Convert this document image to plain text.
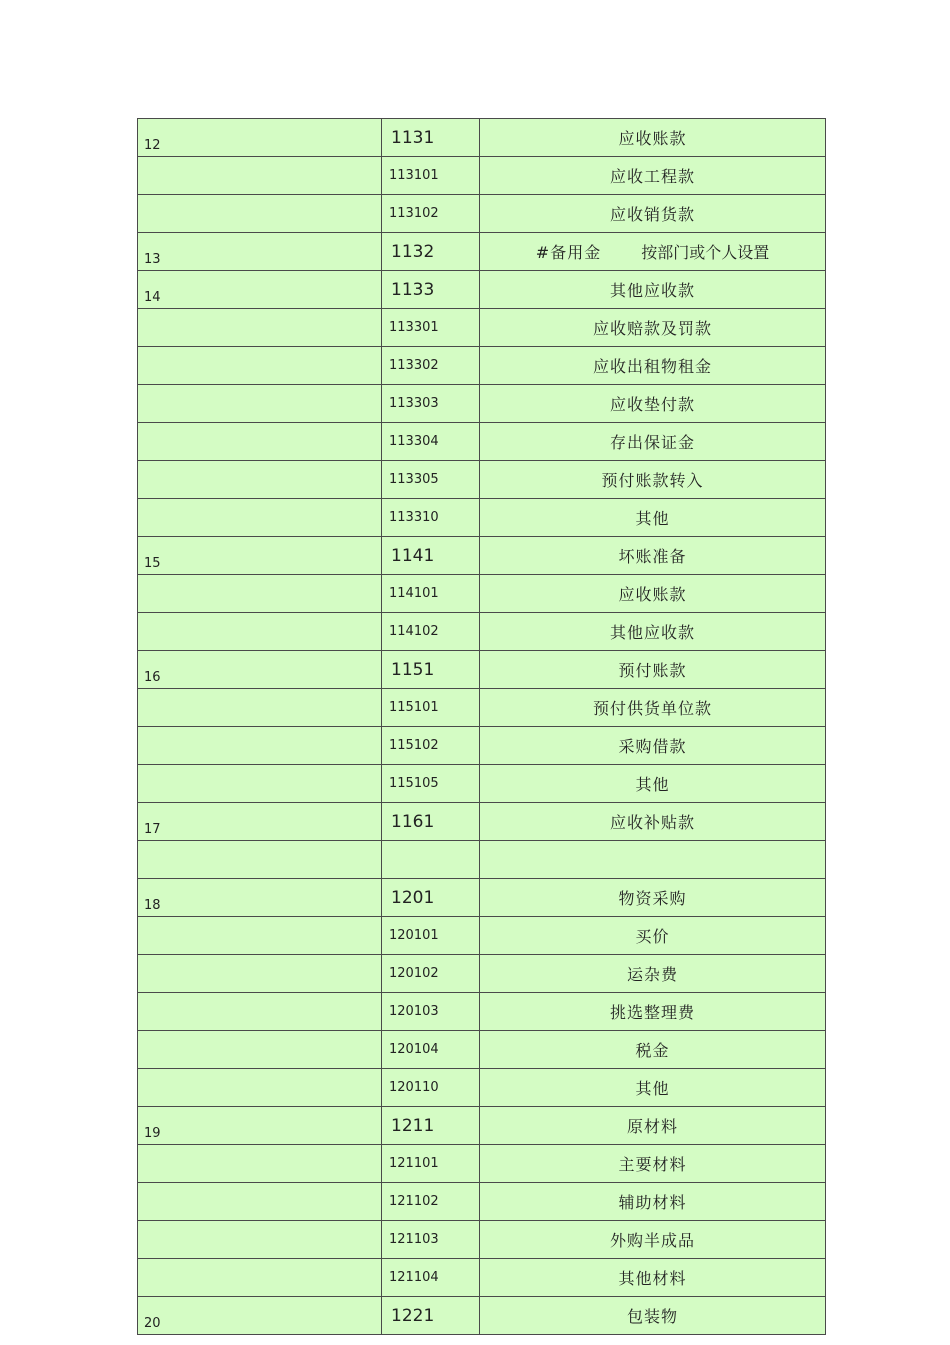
12	1131	应收账款
	113101	应收工程款
	113102	应收销货款
13	1132	#备用金 按部门或个人设置
14	1133	其他应收款
	113301	应收赔款及罚款
	113302	应收出租物租金
	113303	应收垫付款
	113304	存出保证金
	113305	预付账款转入
	113310	其他
15	1141	坏账准备
	114101	应收账款
	114102	其他应收款
16	1151	预付账款
	115101	预付供货单位款
	115102	采购借款
	115105	其他
17	1161	应收补贴款

18	1201	物资采购
	120101	买价
	120102	运杂费
	120103	挑选整理费
	120104	税金
	120110	其他
19	1211	原材料
	121101	主要材料
	121102	辅助材料
	121103	外购半成品
	121104	其他材料
20	1221	包装物
